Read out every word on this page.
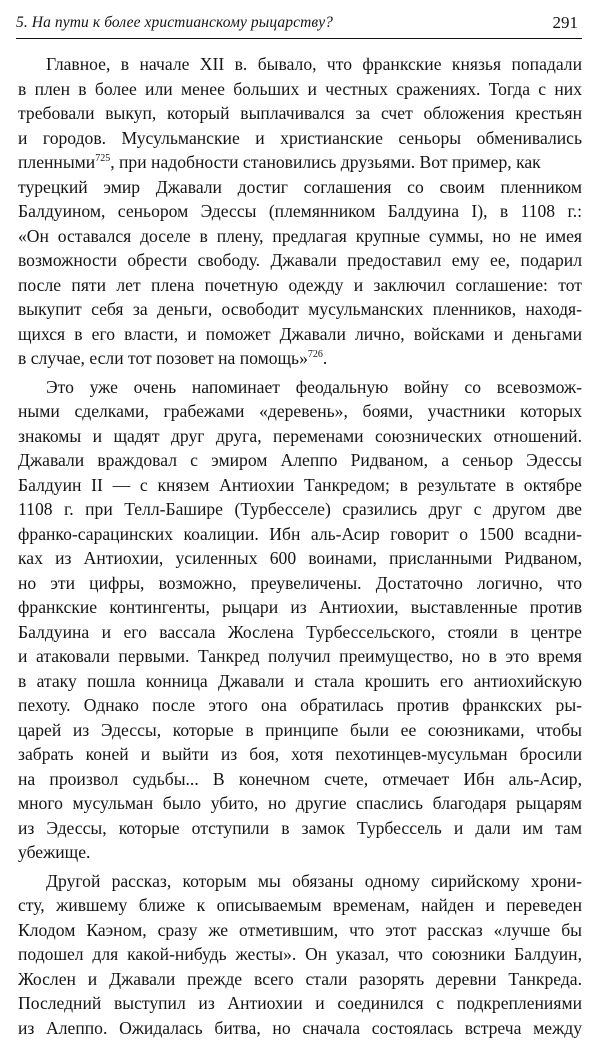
5. На пути к более христианскому рыцарству?	291
Главное, в начале XII в. бывало, что франкские князья попадали
в плен в более или менее больших и честных сражениях. Тогда с них
требовали выкуп, который выплачивался за счет обложения крестьян
и городов. Мусульманские и христианские сеньоры обменивались
пленными$^{725}$, при надобности становились друзьями. Вот пример, как
турецкий эмир Джавали достиг соглашения со своим пленником
Балдуином, сеньором Эдессы (племянником Балдуина I), в 1108 г.:
«Он оставался доселе в плену, предлагая крупные суммы, но не имея
возможности обрести свободу. Джавали предоставил ему ее, подарил
после пяти лет плена почетную одежду и заключил соглашение: тот
выкупит себя за деньги, освободит мусульманских пленников, находя-
щихся в его власти, и поможет Джавали лично, войсками и деньгами
в случае, если тот позовет на помощь»$^{726}$.
Это уже очень напоминает феодальную войну со всевозмож-
ными сделками, грабежами «деревень», боями, участники которых
знакомы и щадят друг друга, переменами союзнических отношений.
Джавали враждовал с эмиром Алеппо Ридваном, а сеньор Эдессы
Балдуин II — с князем Антиохии Танкредом; в результате в октябре
1108 г. при Телл-Башире (Турбесселе) сразились друг с другом две
франко-сарацинских коалиции. Ибн аль-Асир говорит о 1500 всадни-
ках из Антиохии, усиленных 600 воинами, присланными Ридваном,
но эти цифры, возможно, преувеличены. Достаточно логично, что
франкские контингенты, рыцари из Антиохии, выставленные против
Балдуина и его вассала Жослена Турбессельского, стояли в центре
и атаковали первыми. Танкред получил преимущество, но в это время
в атаку пошла конница Джавали и стала крошить его антиохийскую
пехоту. Однако после этого она обратилась против франкских ры-
царей из Эдессы, которые в принципе были ее союзниками, чтобы
забрать коней и выйти из боя, хотя пехотинцев-мусульман бросили
на произвол судьбы... В конечном счете, отмечает Ибн аль-Асир,
много мусульман было убито, но другие спаслись благодаря рыцарям
из Эдессы, которые отступили в замок Турбессель и дали им там
убежище.
Другой рассказ, которым мы обязаны одному сирийскому хрони-
сту, жившему ближе к описываемым временам, найден и переведен
Клодом Каэном, сразу же отметившим, что этот рассказ «лучше бы
подошел для какой-нибудь жесты». Он указал, что союзники Балдуин,
Жослен и Джавали прежде всего стали разорять деревни Танкреда.
Последний выступил из Антиохии и соединился с подкреплениями
из Алеппо. Ожидалась битва, но сначала состоялась встреча между
